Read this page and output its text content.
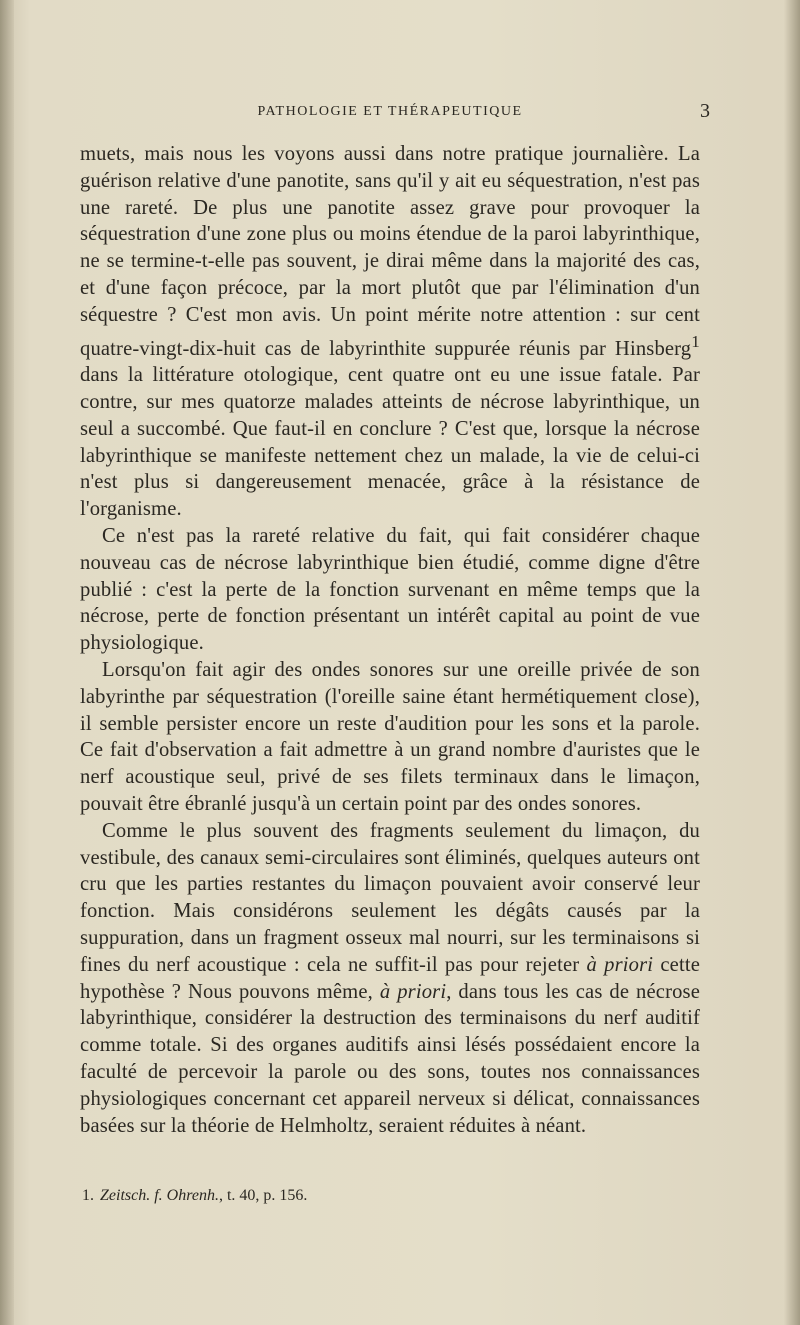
PATHOLOGIE ET THÉRAPEUTIQUE	3

muets, mais nous les voyons aussi dans notre pratique journalière. La guérison relative d'une panotite, sans qu'il y ait eu séquestration, n'est pas une rareté. De plus une panotite assez grave pour provoquer la séquestration d'une zone plus ou moins étendue de la paroi labyrinthique, ne se termine-t-elle pas souvent, je dirai même dans la majorité des cas, et d'une façon précoce, par la mort plutôt que par l'élimination d'un séquestre ? C'est mon avis. Un point mérite notre attention : sur cent quatre-vingt-dix-huit cas de labyrinthite suppurée réunis par Hinsberg$^1$ dans la littérature otologique, cent quatre ont eu une issue fatale. Par contre, sur mes quatorze malades atteints de nécrose labyrinthique, un seul a succombé. Que faut-il en conclure ? C'est que, lorsque la nécrose labyrinthique se manifeste nettement chez un malade, la vie de celui-ci n'est plus si dangereusement menacée, grâce à la résistance de l'organisme.

Ce n'est pas la rareté relative du fait, qui fait considérer chaque nouveau cas de nécrose labyrinthique bien étudié, comme digne d'être publié : c'est la perte de la fonction survenant en même temps que la nécrose, perte de fonction présentant un intérêt capital au point de vue physiologique.

Lorsqu'on fait agir des ondes sonores sur une oreille privée de son labyrinthe par séquestration (l'oreille saine étant hermétiquement close), il semble persister encore un reste d'audition pour les sons et la parole. Ce fait d'observation a fait admettre à un grand nombre d'auristes que le nerf acoustique seul, privé de ses filets terminaux dans le limaçon, pouvait être ébranlé jusqu'à un certain point par des ondes sonores.

Comme le plus souvent des fragments seulement du limaçon, du vestibule, des canaux semi-circulaires sont éliminés, quelques auteurs ont cru que les parties restantes du limaçon pouvaient avoir conservé leur fonction. Mais considérons seulement les dégâts causés par la suppuration, dans un fragment osseux mal nourri, sur les terminaisons si fines du nerf acoustique : cela ne suffit-il pas pour rejeter à priori cette hypothèse ? Nous pouvons même, à priori, dans tous les cas de nécrose labyrinthique, considérer la destruction des terminaisons du nerf auditif comme totale. Si des organes auditifs ainsi lésés possédaient encore la faculté de percevoir la parole ou des sons, toutes nos connaissances physiologiques concernant cet appareil nerveux si délicat, connaissances basées sur la théorie de Helmholtz, seraient réduites à néant.

1. Zeitsch. f. Ohrenh., t. 40, p. 156.
